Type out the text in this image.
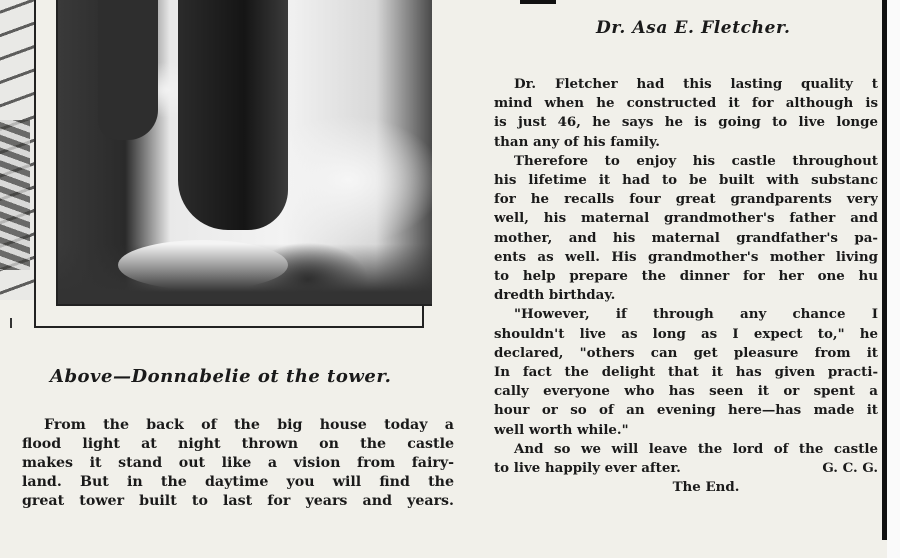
Above—Donnabelie ot the tower.
From the back of the big house today a
flood light at night thrown on the castle
makes it stand out like a vision from fairy-
land. But in the daytime you will find the
great tower built to last for years and years.
Dr. Asa E. Fletcher.
Dr. Fletcher had this lasting quality t
mind when he constructed it for although is
is just 46, he says he is going to live longe
than any of his family.
Therefore to enjoy his castle throughout
his lifetime it had to be built with substanc
for he recalls four great grandparents very
well, his maternal grandmother's father and
mother, and his maternal grandfather's pa-
ents as well. His grandmother's mother living
to help prepare the dinner for her one hu
dredth birthday.
"However, if through any chance I
shouldn't live as long as I expect to," he
declared, "others can get pleasure from it
In fact the delight that it has given practi-
cally everyone who has seen it or spent a
hour or so of an evening here—has made it
well worth while."
And so we will leave the lord of the castle
to live happily ever after.	G. C. G.
The End.
